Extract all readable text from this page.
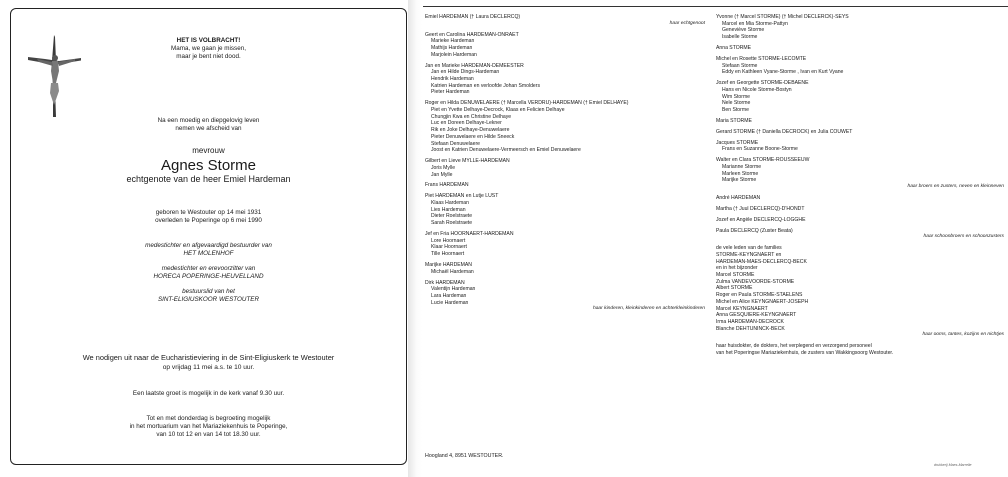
HET IS VOLBRACHT!
Mama, we gaan je missen,
maar je bent niet dood.
Na een moedig en diepgelovig leven
nemen we afscheid van
mevrouw
Agnes Storme
echtgenote van de heer Emiel Hardeman
geboren te Westouter op 14 mei 1931
overleden te Poperinge op 6 mei 1990
medestichter en afgevaardigd bestuurder van
HET MOLENHOF
medestichter en erevoorzitter van
HORECA POPERINGE-HEUVELLAND
bestuurslid van het
SINT-ELIGIUSKOOR WESTOUTER
We nodigen uit naar de Eucharistieviering in de Sint-Eligiuskerk te Westouter
op vrijdag 11 mei a.s. te 10 uur.
Een laatste groet is mogelijk in de kerk vanaf 9.30 uur.
Tot en met donderdag is begroeting mogelijk
in het mortuarium van het Mariaziekenhuis te Poperinge,
van 10 tot 12 en van 14 tot 18.30 uur.
Emiel HARDEMAN († Laura DECLERCQ)
haar echtgenoot
Geert en Carolina HARDEMAN-ONRAET
Marieke Hardeman
Mathijs Hardeman
Marjolein Hardeman
Jan en Marieke HARDEMAN-DEMEESTER
Jan en Hilde Dings-Hardeman
Hendrik Hardeman
Katrien Hardeman en verloofde Johan Smolders
Pieter Hardeman
Roger en Hilda DENUWELAERE († Marcella VERDRU)-HARDEMAN († Emiel DELHAYE)
Piet en Yvette Delhaye-Decrock, Klaas en Felicien Delhaye
Chungjin Kwa en Christine Delhaye
Luc en Doreen Delhaye-Lekner
Rik en Joke Delhaye-Denuwelaere
Pieter Denuwelaere en Hilde Sneeck
Stefaan Denuwelaere
Joost en Katrien Denuwelaere-Vermeersch en Emiel Denuwelaere
Gilbert en Lieve MYLLE-HARDEMAN
Joris Mylle
Jan Mylle
Frans HARDEMAN
Piet HARDEMAN en Lutje LUST
Klaas Hardeman
Lies Hardeman
Dieter Roelstraete
Sarah Roelstraete
Jef en Fria HOORNAERT-HARDEMAN
Lore Hoornaert
Klaar Hoornaert
Tille Hoornaert
Marijke HARDEMAN
Michaël Hardeman
Dirk HARDEMAN
Valentijn Hardeman
Lara Hardeman
Lucie Hardeman
haar kinderen, kleinkinderen en achterkleinkinderen
Yvonne († Marcel STORME) († Michel DECLERCK)-SEYS
Marcel en Mia Storme-Pattyn
Geneviève Storme
Isabelle Storme
Anna STORME
Michel en Rosette STORME-LECOMTE
Stefaan Storme
Eddy en Kathleen Vyane-Storme , Ivan en Kurt Vyane
Jozef en Georgette STORME-DEBAENE
Hans en Nicole Storme-Bostyn
Wim Storme
Nele Storme
Ben Storme
Maria STORME
Gerard STORME († Daniella DECROCK) en Julia COUWET
Jacques STORME
Frans en Suzanne Boone-Storme
Walter en Clara STORME-ROUSSEEUW
Marianne Storme
Marleen Storme
Marijke Storme
haar broers en zusters, neven en kleinneven
André HARDEMAN
Martha († Juul DECLERCQ)-D'HONDT
Jozef en Angèle DECLERCQ-LOGGHE
Paula DECLERCQ (Zuster Beata)
haar schoonbroers en schoonzusters
de vele leden van de families
STORME-KEYNGNAERT en
HARDEMAN-MAES-DECLERCQ-BECK
en in het bijzonder
Marcel STORME
Zulma VANDEVOORDE-STORME
Albert STORME
Roger en Paula STORME-STAELENS
Michel en Alice KEYNGNAERT-JOSEPH
Marcel KEYNGNAERT
Anna GESQUIERE-KEYNGNAERT
Irma HARDEMAN-DECROCK
Blanche DEHTUNINCK-BECK
haar ooms, tantes, kozijns en nichtjes
haar huisdokter, de dokters, het verplegend en verzorgend personeel
van het Poperingse Mariaziekenhuis, de zusters van Wakkingsoorg Westouter.
Hoogland 4, 8951 WESTOUTER.
drukkerij Maes-Marrelle
